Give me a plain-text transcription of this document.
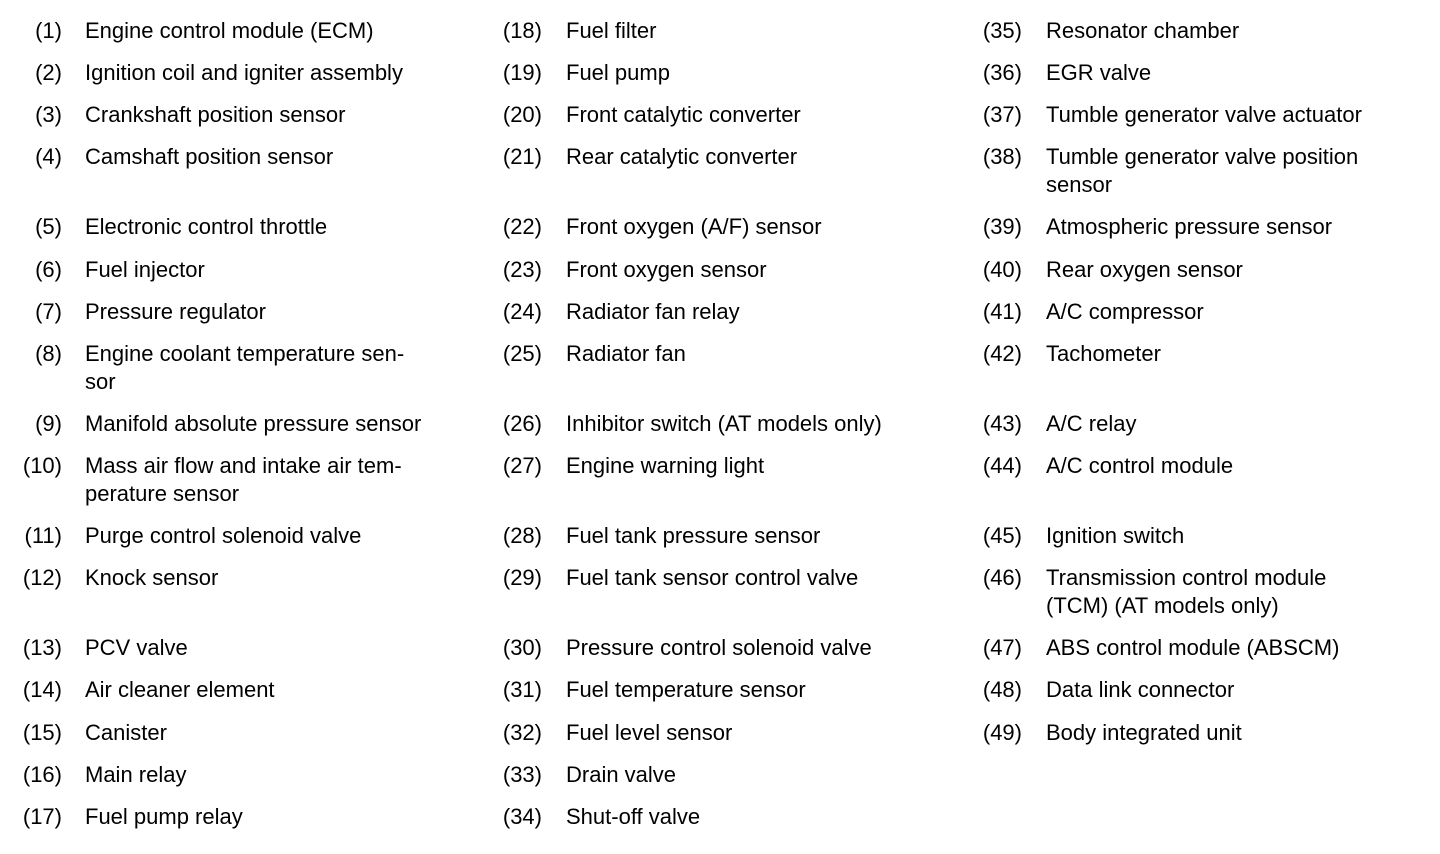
(1) Engine control module (ECM)
(2) Ignition coil and igniter assembly
(3) Crankshaft position sensor
(4) Camshaft position sensor
(5) Electronic control throttle
(6) Fuel injector
(7) Pressure regulator
(8) Engine coolant temperature sen-
sor
(9) Manifold absolute pressure sensor
(10) Mass air flow and intake air tem-
perature sensor
(11) Purge control solenoid valve
(12) Knock sensor
(13) PCV valve
(14) Air cleaner element
(15) Canister
(16) Main relay
(17) Fuel pump relay
(18) Fuel filter
(19) Fuel pump
(20) Front catalytic converter
(21) Rear catalytic converter
(22) Front oxygen (A/F) sensor
(23) Front oxygen sensor
(24) Radiator fan relay
(25) Radiator fan
(26) Inhibitor switch (AT models only)
(27) Engine warning light
(28) Fuel tank pressure sensor
(29) Fuel tank sensor control valve
(30) Pressure control solenoid valve
(31) Fuel temperature sensor
(32) Fuel level sensor
(33) Drain valve
(34) Shut-off valve
(35) Resonator chamber
(36) EGR valve
(37) Tumble generator valve actuator
(38) Tumble generator valve position
sensor
(39) Atmospheric pressure sensor
(40) Rear oxygen sensor
(41) A/C compressor
(42) Tachometer
(43) A/C relay
(44) A/C control module
(45) Ignition switch
(46) Transmission control module
(TCM) (AT models only)
(47) ABS control module (ABSCM)
(48) Data link connector
(49) Body integrated unit
